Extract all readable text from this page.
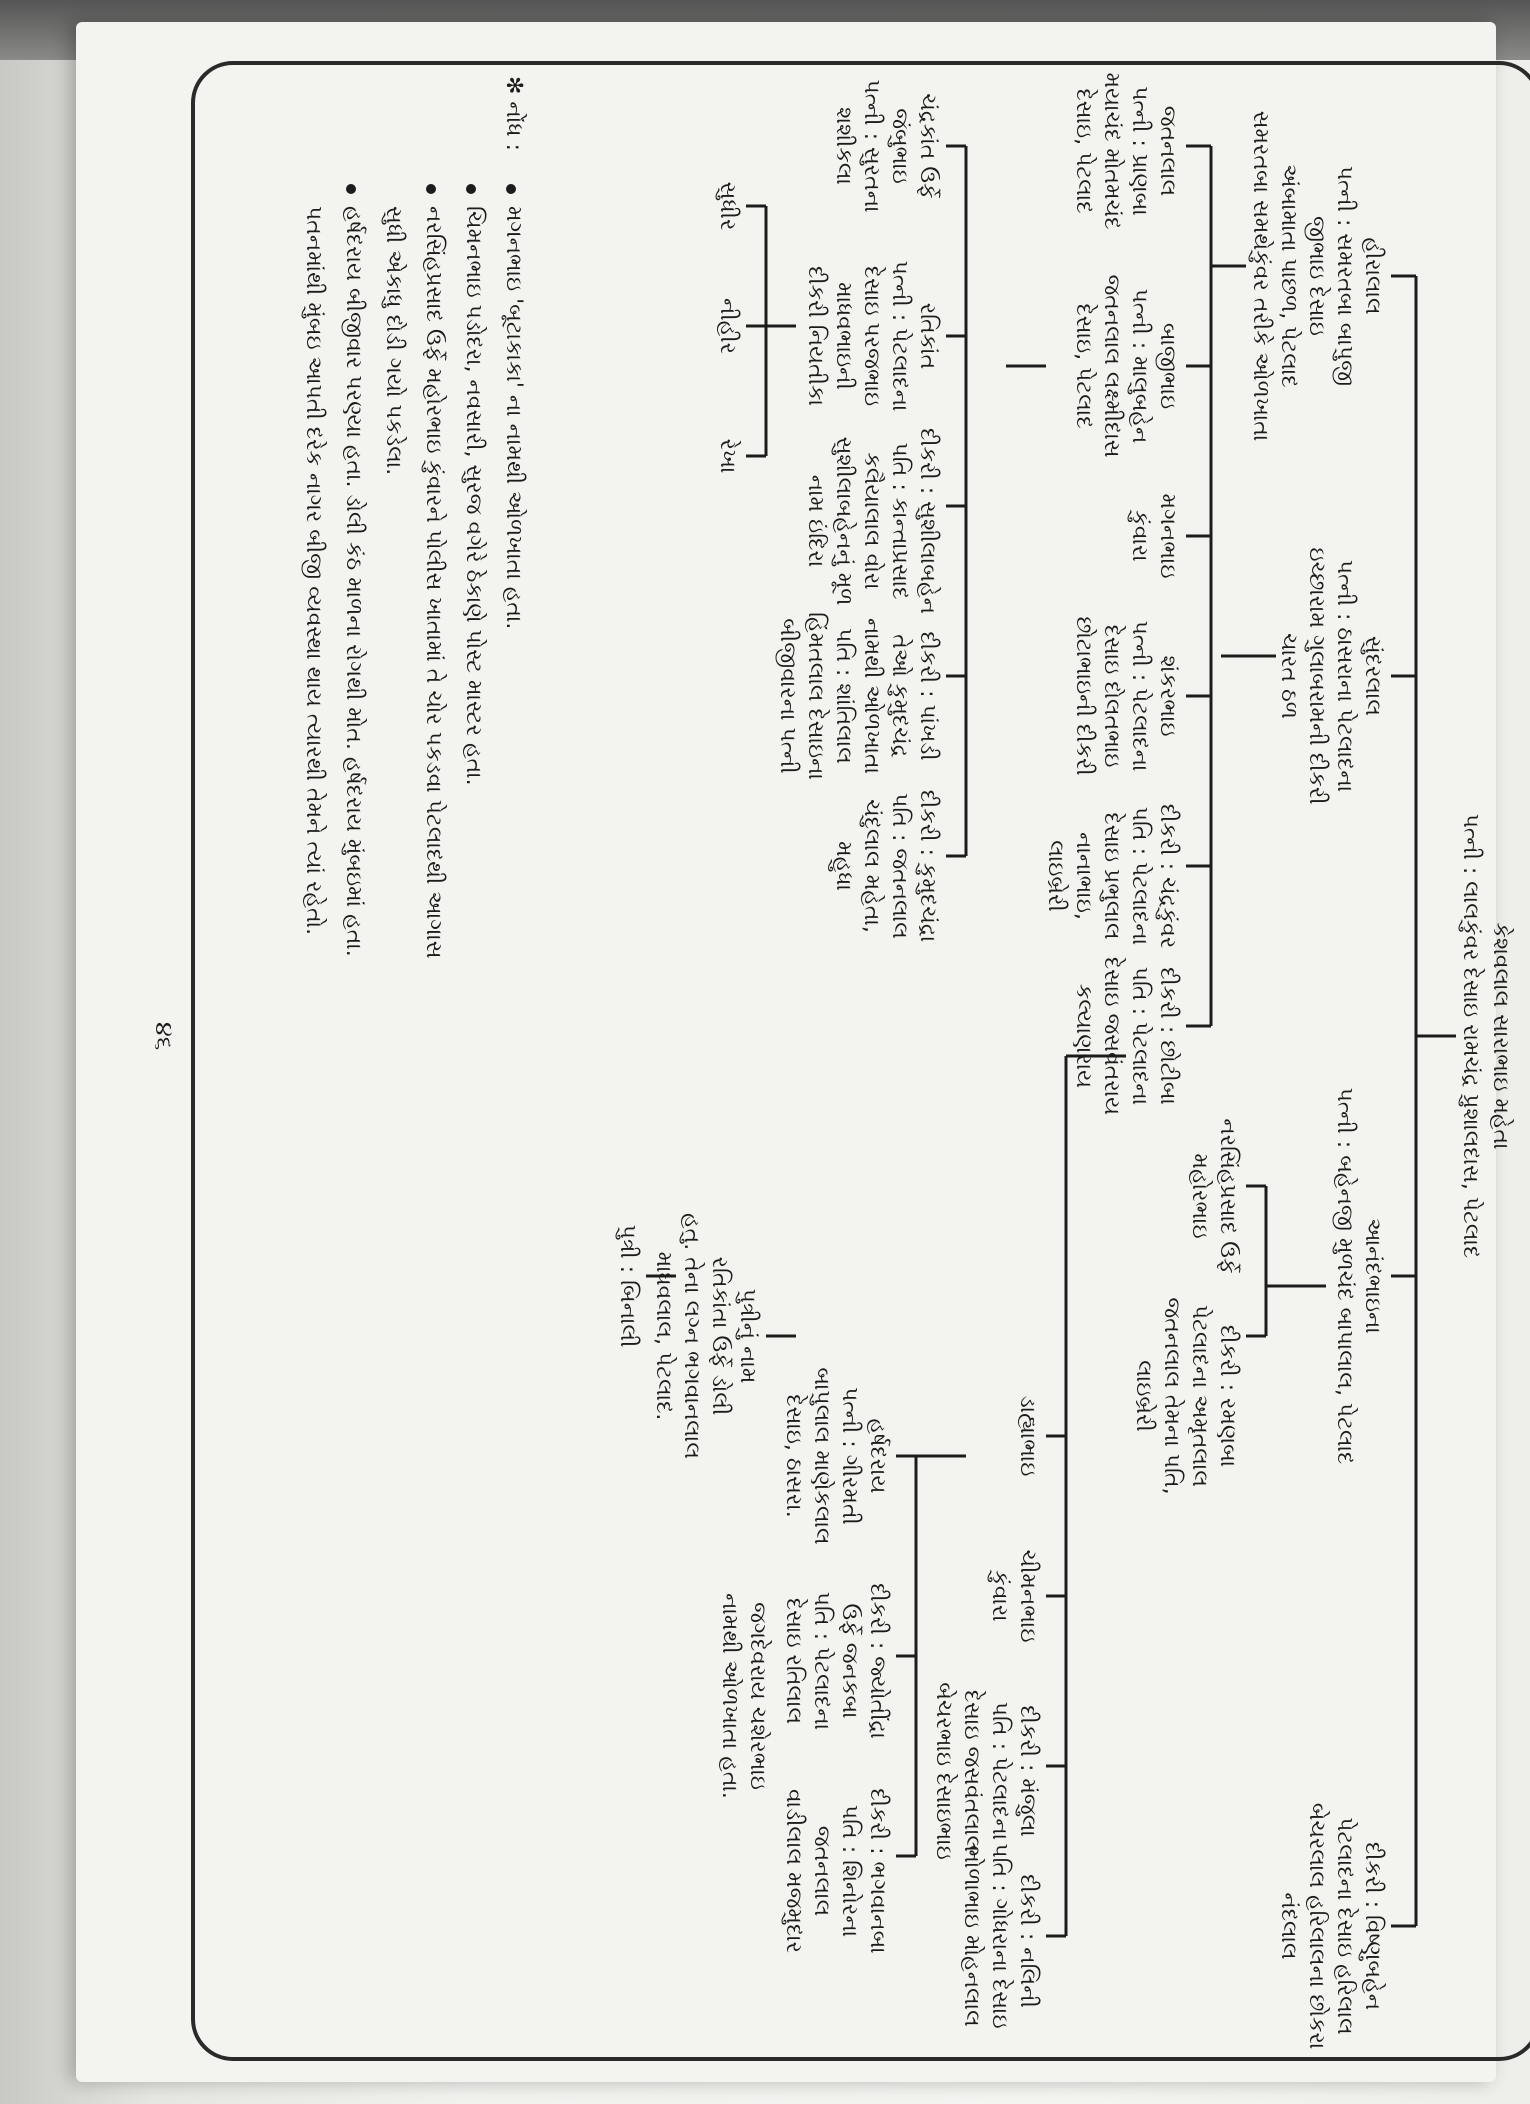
કેશવલાલ સારાભાઇ મહેતા
પત્ની : લાલકુંવર દેસાઇ રામચંદ્ર પ્રુશાલદાસ, પેટલાદ
હીરાલાલ
પત્ની : સમરતબા બાપુજી
જીભાઇ દેસાઇ
અંબામાતા પાછળ, પેટલાદ
સમરતબા સમથેકુંવર તરીકે ઓળખાતા
સુંદરલાલ
પત્ની : ઠાસરાના પેટલાદના
ઇચ્છારામ ગુલાબરામની દીકરી
ચારત ઠળ
આનંદભાઇના
પત્ની : બહેનજી મુળચંદ બાપાલાલ, પેટલાદ
દીકરી : વિષ્ણુબહેન
પેટલાદના દેસાઇ હરિલાલ
બેચરલાલ હરિલાલના છોકરા
નંદલાલ
જતનલાલ
પત્ની : પ્રાણબા
મયાચંદ મોતમચંદ
દેસાઇ, પેટલાદ
બાજીભાઇ
પત્ની : માલુબહેન
જતનલાલ લક્ષ્મીદાસ
દેસાઇ, પેટલાદ
મગનભાઇ
કુંવારા
શંકરભાઇ
પત્ની : પેટલાદના
દેસાઇ દોલતભાઇ
છોટાભાઇની દીકરી
દીકરી : ચંદ્રકુંવર
પતિ : પેટલાદના
દેસાઇ પ્રભુલાલ
નાનાભાઇ,
લાઇબ્રેરી
દીકરી : છોટીબા
પતિ : પેટલાદના
દેસાઇ જસવંતરાય
કલ્યાણરાય
નરસિંહપ્રસાદ ઉર્ફે
મહોરભાઇ
દીકરી : રમણબા
પેટલાદના અમૃતલાલ
જતનલાલ તેમના પતિ,
લાઇબ્રેરી
ડાહ્યાભાઇ
ચીમનભાઇ
કુંવારા
દીકરી : મંજુલા
પતિ : પેટલાદના
દેસાઇ જસવંતલાલ
બેચરભાઇ દેસાઇભાઇ
દીકરી : નલિની
પતિ : ગોધરાના દેસાઇ
ભોળાભાઇ મોહનલાલ
ચંદ્રકાંત ઉર્ફે
જંબુભાઇ
પત્ની : સુરતના
શશીકલા
રતિકાંત
પત્ની : પેટલાદના
દેસાઇ પરજભાઇ
માધવભાઇની
દીકરી નિયતીકા
દીકરી : સુશીલાબહેન
પતિ : કાન્તાપ્રસાદ
કલૈયાલાલ વોરા
સુશીલાબહેનનું મૂળ
નામ ઇંદિરા
દીકરી : પાંખડી
તેઓ કુમુદચંદ્ર
નામથી ઓળખાતા
પતિ : શાંતિલાલ
હિંમતલાલ દેસાઇના
બીજીવારના પત્ની
દીકરી : કુમુદચંદ્રા
પતિ : જતનલાલ
ચંદુલાલ મહેતા,
મહુધા
હર્ષદરાય
પત્ની : ગીરમતી
બાપુલાલ માણેકલાલ
દેસાઇ, ઠાસરા.
દીકરી : જ્યોતીંદ્રા
ઉર્ફે જનકબા
પતિ : પેટલાદના
દેસાઇ રતિલાલ
દીકરી : ભગવાનબા
પતિ : શિનોરના
જતનલાલ
વાડીલાલ મજમુદાર
જગદેવરાય ચશેરભાઇ
નામથી ઓળખાતા હતા.
પુત્રીનું નામ
રતિકાંતા ઉર્ફે ડોલી
હતુ. તેના લગ્ન ભગવાનલાલ
માધવલાલ, પેટલાદ.
પુત્રી : બિનાલી
સુધીર
નીહીર
રેખા
✻ નોંધ :
મગનભાઇ 'બૂટાકાકા' ના નામથી ઓળખાતા હતા.
ચિમનભાઇ પડોદરા, નવસારી, સુરજ વગેરે ઠેકાણે પોસ્ટ માસ્ટર હતા.
નરસિંહપ્રસાદ ઉર્ફે મહોરભાઇ કુંવારને પોલીસ ખાતામાં તે ચોર પકડવા પેટલાદથી આગાસ
સુધી એકાધુ દોડી ગયો પકડેલા.
હર્ષદરાય બીજીવાર પરણ્યા હતા. ડોલી કંઠ માળના રોગથી મોત. હર્ષદરાય મુંબઇમાં હતા.
પતનમાંથી મુંબઇ આપતી દરેક નાગર બીજી વ્યવસ્થા થાય ત્યારથી તેમને ત્યાં રહેતો.
૪૬
